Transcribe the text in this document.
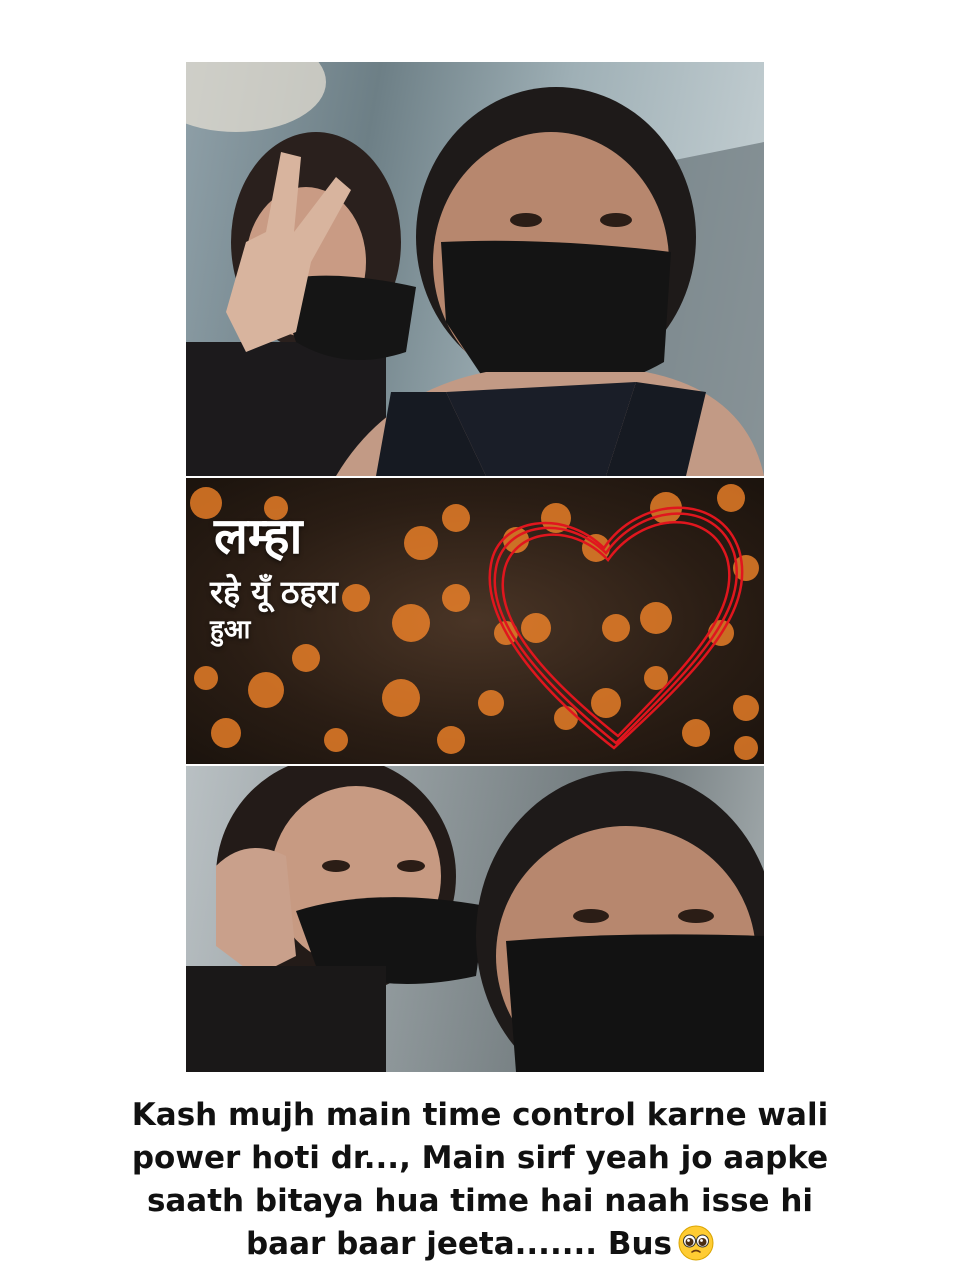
लम्हा
रहे यूँ ठहरा
हुआ
Kash mujh main time control karne wali
power hoti dr..., Main sirf yeah jo aapke
saath bitaya hua time hai naah isse hi
baar baar jeeta....... Bus
